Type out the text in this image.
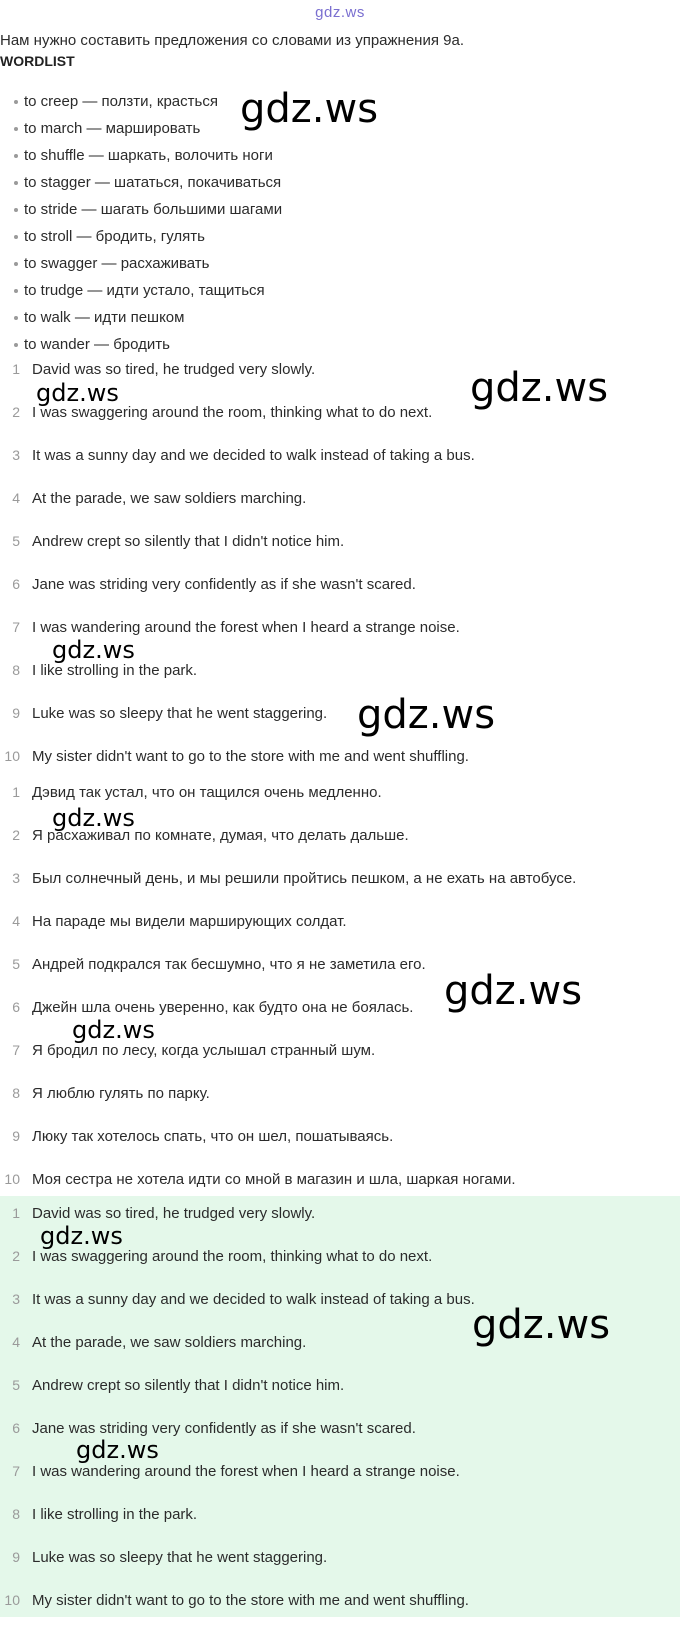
gdz.ws
Нам нужно составить предложения со словами из упражнения 9a.
WORDLIST
to creep — ползти, красться
to march — маршировать
to shuffle — шаркать, волочить ноги
to stagger — шататься, покачиваться
to stride — шагать большими шагами
to stroll — бродить, гулять
to swagger — расхаживать
to trudge — идти устало, тащиться
to walk — идти пешком
to wander — бродить
1 David was so tired, he trudged very slowly.
2 I was swaggering around the room, thinking what to do next.
3 It was a sunny day and we decided to walk instead of taking a bus.
4 At the parade, we saw soldiers marching.
5 Andrew crept so silently that I didn't notice him.
6 Jane was striding very confidently as if she wasn't scared.
7 I was wandering around the forest when I heard a strange noise.
8 I like strolling in the park.
9 Luke was so sleepy that he went staggering.
10 My sister didn't want to go to the store with me and went shuffling.
1 Дэвид так устал, что он тащился очень медленно.
2 Я расхаживал по комнате, думая, что делать дальше.
3 Был солнечный день, и мы решили пройтись пешком, а не ехать на автобусе.
4 На параде мы видели марширующих солдат.
5 Андрей подкрался так бесшумно, что я не заметила его.
6 Джейн шла очень уверенно, как будто она не боялась.
7 Я бродил по лесу, когда услышал странный шум.
8 Я люблю гулять по парку.
9 Люку так хотелось спать, что он шел, пошатываясь.
10 Моя сестра не хотела идти со мной в магазин и шла, шаркая ногами.
1 David was so tired, he trudged very slowly.
2 I was swaggering around the room, thinking what to do next.
3 It was a sunny day and we decided to walk instead of taking a bus.
4 At the parade, we saw soldiers marching.
5 Andrew crept so silently that I didn't notice him.
6 Jane was striding very confidently as if she wasn't scared.
7 I was wandering around the forest when I heard a strange noise.
8 I like strolling in the park.
9 Luke was so sleepy that he went staggering.
10 My sister didn't want to go to the store with me and went shuffling.
gdz.ws
gdz.ws
gdz.ws
gdz.ws
gdz.ws
gdz.ws
gdz.ws
gdz.ws
gdz.ws
gdz.ws
gdz.ws
